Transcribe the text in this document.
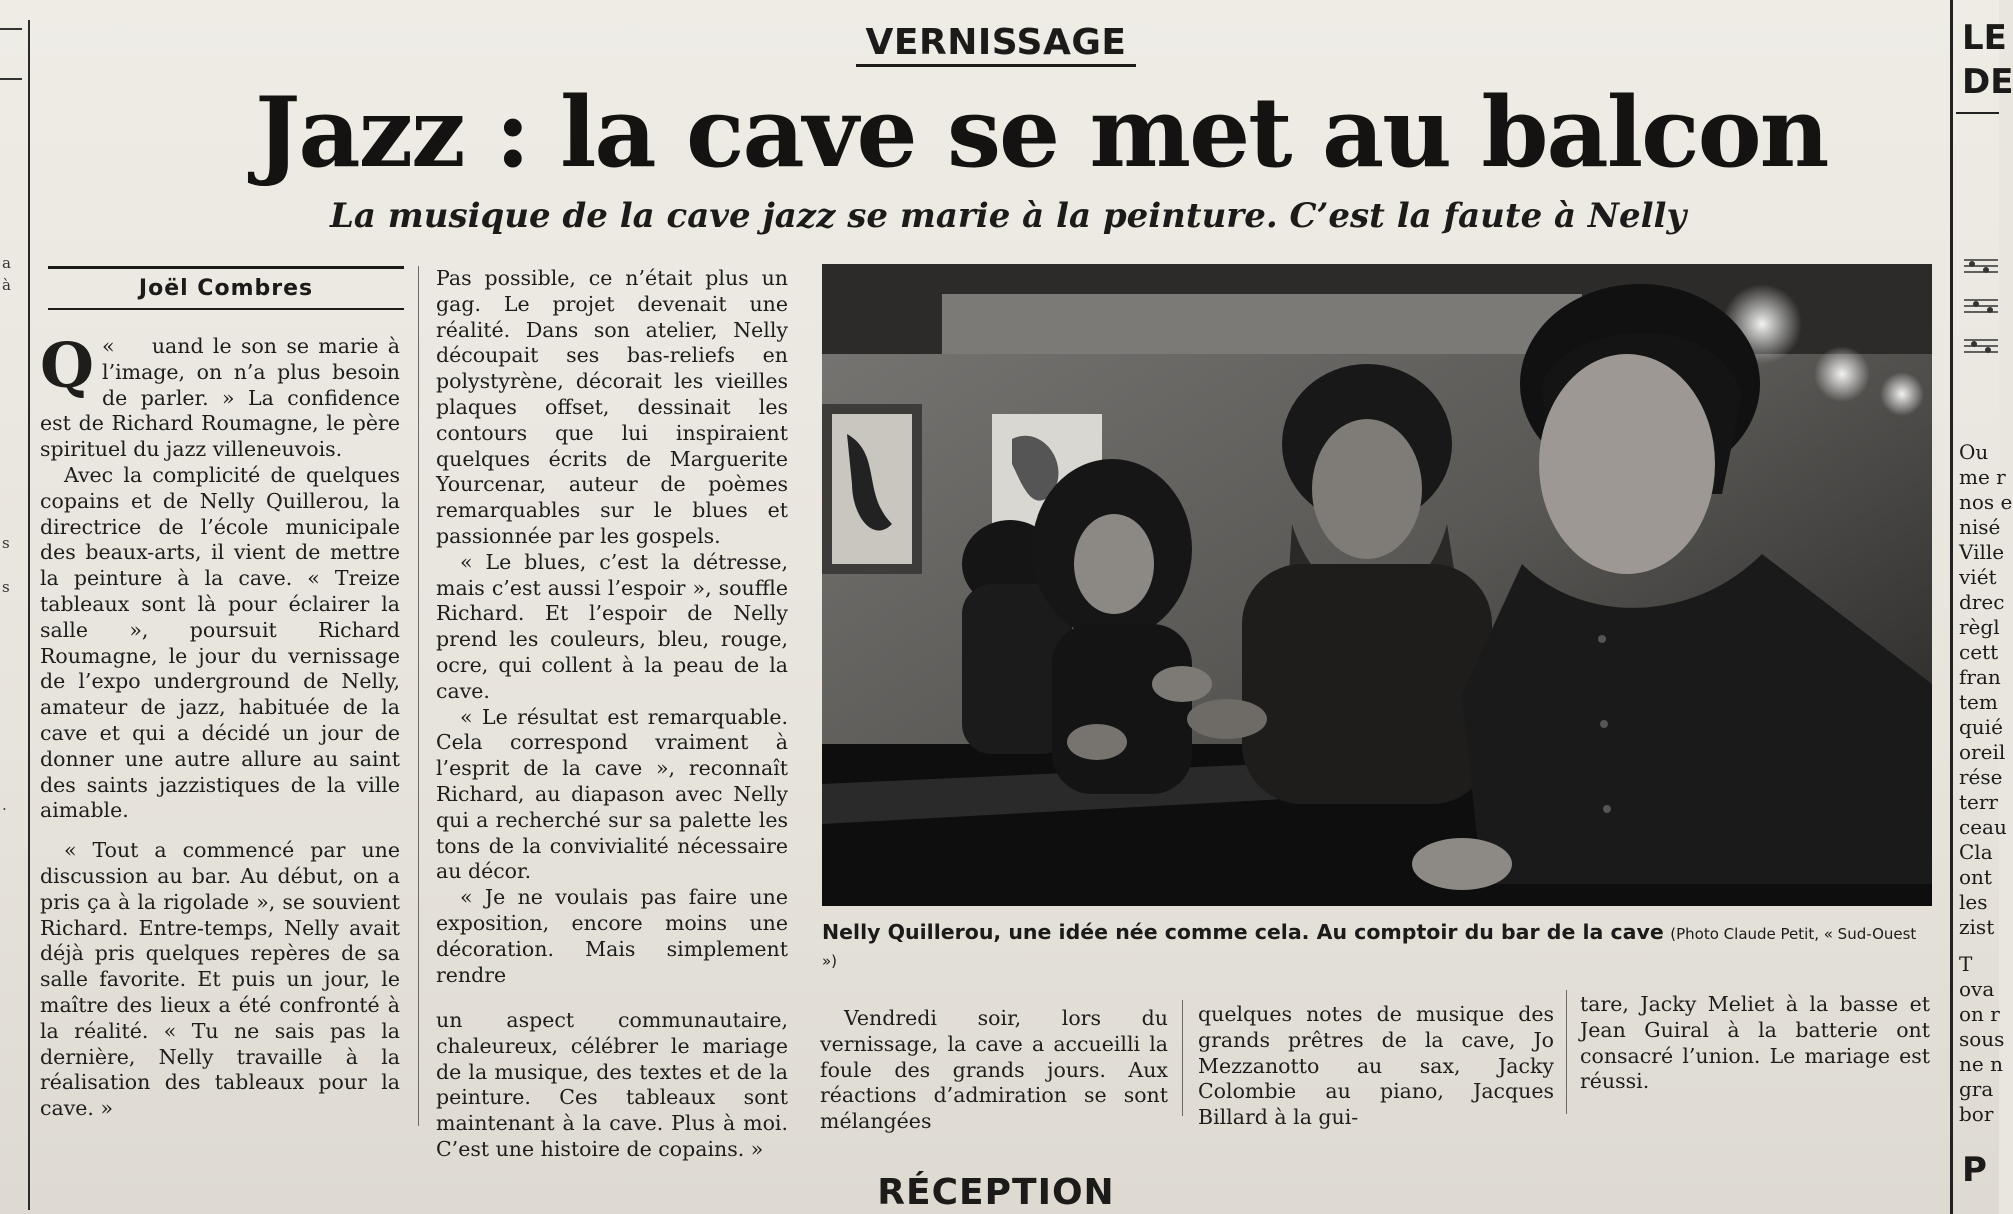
a
à
s
s
.
VERNISSAGE
Jazz : la cave se met au balcon
La musique de la cave jazz se marie à la peinture. C’est la faute à Nelly
Joël Combres

Q «    uand le son se marie à l’image, on n’a plus besoin de parler. » La confidence est de Richard Roumagne, le père spirituel du jazz villeneuvois.

Avec la complicité de quelques copains et de Nelly Quillerou, la directrice de l’école municipale des beaux-arts, il vient de mettre la peinture à la cave. « Treize tableaux sont là pour éclairer la salle », poursuit Richard Roumagne, le jour du vernissage de l’expo underground de Nelly, amateur de jazz, habituée de la cave et qui a décidé un jour de donner une autre allure au saint des saints jazzistiques de la ville aimable.

« Tout a commencé par une discussion au bar. Au début, on a pris ça à la rigolade », se souvient Richard. Entre-temps, Nelly avait déjà pris quelques repères de sa salle favorite. Et puis un jour, le maître des lieux a été confronté à la réalité. « Tu ne sais pas la dernière, Nelly travaille à la réalisation des tableaux pour la cave. »

Pas possible, ce n’était plus un gag. Le projet devenait une réalité. Dans son atelier, Nelly découpait ses bas-reliefs en polystyrène, décorait les vieilles plaques offset, dessinait les contours que lui inspiraient quelques écrits de Marguerite Yourcenar, auteur de poèmes remarquables sur le blues et passionnée par les gospels.

« Le blues, c’est la détresse, mais c’est aussi l’espoir », souffle Richard. Et l’espoir de Nelly prend les couleurs, bleu, rouge, ocre, qui collent à la peau de la cave.

« Le résultat est remarquable. Cela correspond vraiment à l’esprit de la cave », reconnaît Richard, au diapason avec Nelly qui a recherché sur sa palette les tons de la convivialité nécessaire au décor.

« Je ne voulais pas faire une exposition, encore moins une décoration. Mais simplement rendre

un aspect communautaire, chaleureux, célébrer le mariage de la musique, des textes et de la peinture. Ces tableaux sont maintenant à la cave. Plus à moi. C’est une histoire de copains. »

Nelly Quillerou, une idée née comme cela. Au comptoir du bar de la cave (Photo Claude Petit, « Sud-Ouest »)

Vendredi soir, lors du vernissage, la cave a accueilli la foule des grands jours. Aux réactions d’admiration se sont mélangées

quelques notes de musique des grands prêtres de la cave, Jo Mezzanotto au sax, Jacky Colombie au piano, Jacques Billard à la gui-

tare, Jacky Meliet à la basse et Jean Guiral à la batterie ont consacré l’union. Le mariage est réussi.

RÉCEPTION
LE
DE
Ou
me r
nos e
nisé
Ville
viét
drec
règl
cett
fran
tem
quié
oreil
rése
terr
ceau
Cla
ont
les
zist
T
ova
on r
sous
ne n
gra
bor
P
